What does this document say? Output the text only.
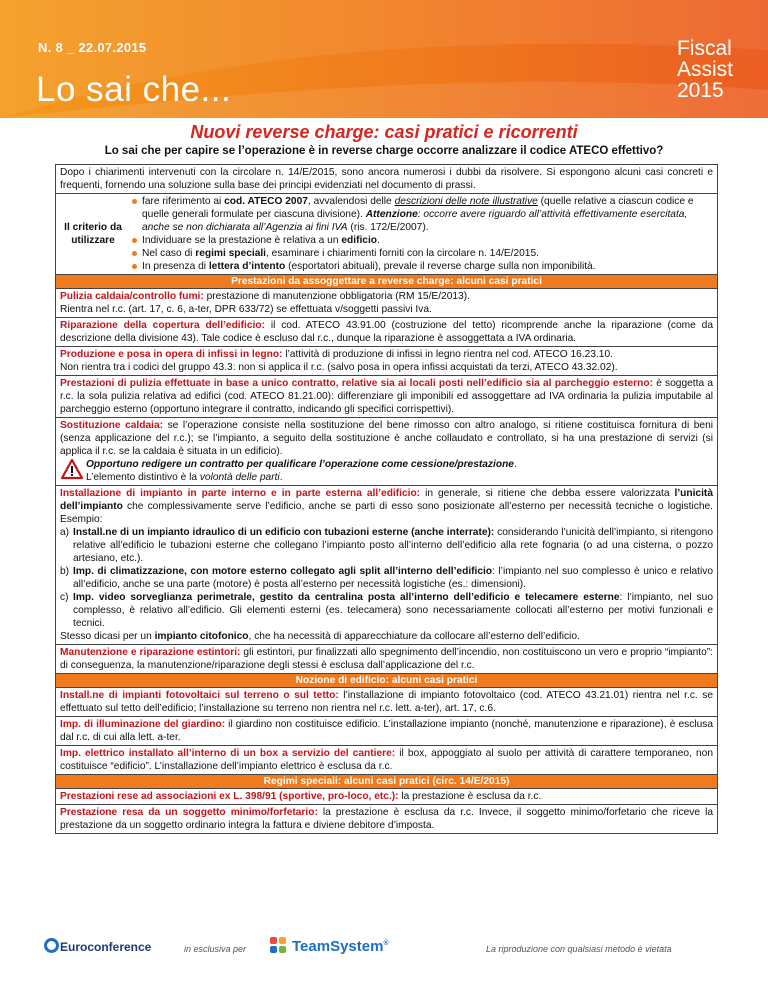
N. 8 _ 22.07.2015
Lo sai che...
Fiscal
Assist
2015
Nuovi reverse charge: casi pratici e ricorrenti
Lo sai che per capire se l’operazione è in reverse charge occorre analizzare il codice ATECO effettivo?
Dopo i chiarimenti intervenuti con la circolare n. 14/E/2015, sono ancora numerosi i dubbi da risolvere. Si espongono alcuni casi concreti e frequenti, fornendo una soluzione sulla base dei principi evidenziati nel documento di prassi.
Il criterio da utilizzare
fare riferimento ai cod. ATECO 2007, avvalendosi delle descrizioni delle note illustrative (quelle relative a ciascun codice e quelle generali formulate per ciascuna divisione). Attenzione: occorre avere riguardo all’attività effettivamente esercitata, anche se non dichiarata all’Agenzia ai fini IVA (ris. 172/E/2007).
Individuare se la prestazione è relativa a un edificio.
Nel caso di regimi speciali, esaminare i chiarimenti forniti con la circolare n. 14/E/2015.
In presenza di lettera d’intento (esportatori abituali), prevale il reverse charge sulla non imponibilità.
Prestazioni da assoggettare a reverse charge: alcuni casi pratici
Pulizia caldaia/controllo fumi: prestazione di manutenzione obbligatoria (RM 15/E/2013).
Rientra nel r.c. (art. 17, c. 6, a-ter, DPR 633/72) se effettuata v/soggetti passivi Iva.
Riparazione della copertura dell’edificio: il cod. ATECO 43.91.00 (costruzione del tetto) ricomprende anche la riparazione (come da descrizione della divisione 43). Tale codice è escluso dal r.c., dunque la riparazione è assoggettata a IVA ordinaria.
Produzione e posa in opera di infissi in legno: l’attività di produzione di infissi in legno rientra nel cod. ATECO 16.23.10.
Non rientra tra i codici del gruppo 43.3: non si applica il r.c. (salvo posa in opera infissi acquistati da terzi, ATECO 43.32.02).
Prestazioni di pulizia effettuate in base a unico contratto, relative sia ai locali posti nell’edificio sia al parcheggio esterno: è soggetta a r.c. la sola pulizia relativa ad edifici (cod. ATECO 81.21.00): differenziare gli imponibili ed assoggettare ad IVA ordinaria la pulizia imputabile al parcheggio esterno (opportuno integrare il contratto, indicando gli specifici corrispettivi).
Sostituzione caldaia: se l’operazione consiste nella sostituzione del bene rimosso con altro analogo, si ritiene costituisca fornitura di beni (senza applicazione del r.c.); se l’impianto, a seguito della sostituzione è anche collaudato e controllato, si ha una prestazione di servizi (si applica il r.c. se la caldaia è situata in un edificio).
Opportuno redigere un contratto per qualificare l’operazione come cessione/prestazione.
L’elemento distintivo è la volontà delle parti.
Installazione di impianto in parte interno e in parte esterna all’edificio: in generale, si ritiene che debba essere valorizzata l’unicità dell’impianto che complessivamente serve l’edificio, anche se parti di esso sono posizionate all’esterno per necessità tecniche o logistiche. Esempio:
a) Install.ne di un impianto idraulico di un edificio con tubazioni esterne (anche interrate): considerando l’unicità dell’impianto, si ritengono relative all’edificio le tubazioni esterne che collegano l’impianto posto all’interno dell’edificio alla rete fognaria (o ad una cisterna, o pozzo artesiano, etc.).
b) Imp. di climatizzazione, con motore esterno collegato agli split all’interno dell’edificio: l’impianto nel suo complesso è unico e relativo all’edificio, anche se una parte (motore) è posta all’esterno per necessità logistiche (es.: dimensioni).
c) Imp. video sorveglianza perimetrale, gestito da centralina posta all’interno dell’edificio e telecamere esterne: l’impianto, nel suo complesso, è relativo all’edificio. Gli elementi esterni (es. telecamera) sono necessariamente collocati all’esterno per motivi funzionali e tecnici.
Stesso dicasi per un impianto citofonico, che ha necessità di apparecchiature da collocare all’esterno dell’edificio.
Manutenzione e riparazione estintori: gli estintori, pur finalizzati allo spegnimento dell’incendio, non costituiscono un vero e proprio “impianto”: di conseguenza, la manutenzione/riparazione degli stessi è esclusa dall’applicazione del r.c.
Nozione di edificio: alcuni casi pratici
Install.ne di impianti fotovoltaici sul terreno o sul tetto: l’installazione di impianto fotovoltaico (cod. ATECO 43.21.01) rientra nel r.c. se effettuato sul tetto dell’edificio; l’installazione su terreno non rientra nel r.c. lett. a-ter), art. 17, c.6.
Imp. di illuminazione del giardino: il giardino non costituisce edificio. L’installazione impianto (nonché, manutenzione e riparazione), è esclusa dal r.c. di cui alla lett. a-ter.
Imp. elettrico installato all’interno di un box a servizio del cantiere: il box, appoggiato al suolo per attività di carattere temporaneo, non costituisce “edificio”. L’installazione dell’impianto elettrico è esclusa da r.c.
Regimi speciali: alcuni casi pratici (circ. 14/E/2015)
Prestazioni rese ad associazioni ex L. 398/91 (sportive, pro-loco, etc.): la prestazione è esclusa da r.c.
Prestazione resa da un soggetto minimo/forfetario: la prestazione è esclusa da r.c. Invece, il soggetto minimo/forfetario che riceve la prestazione da un soggetto ordinario integra la fattura e diviene debitore d’imposta.
Euroconference	in esclusiva per	TeamSystem®
La riproduzione con qualsiasi metodo è vietata
